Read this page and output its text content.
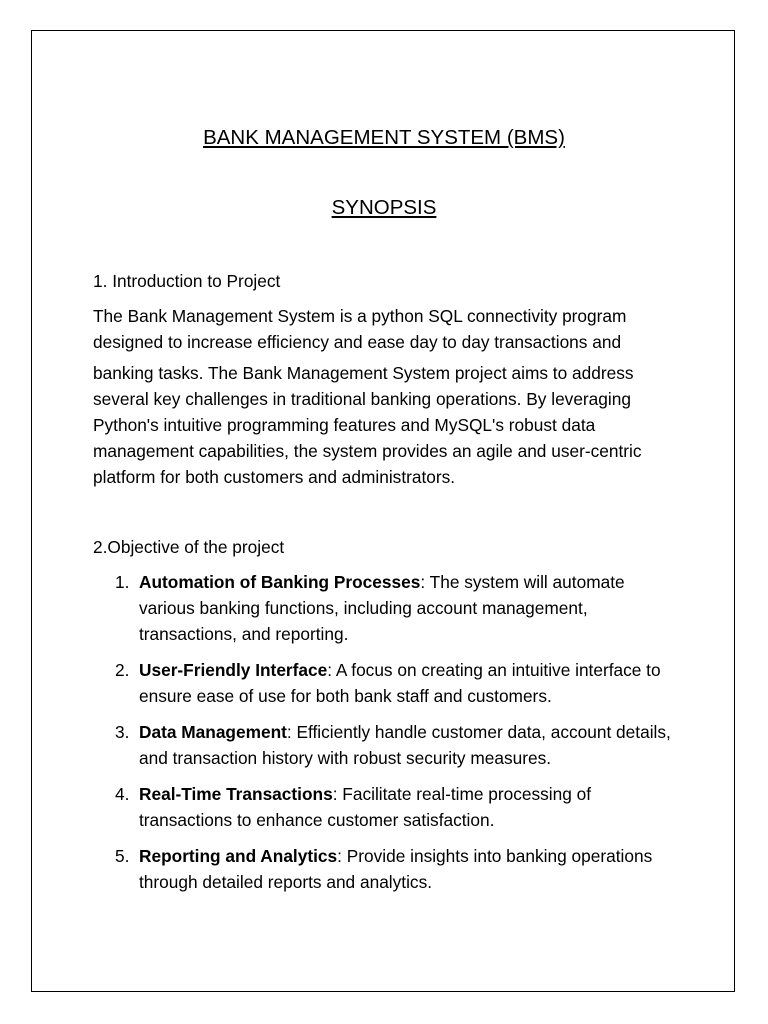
BANK MANAGEMENT SYSTEM (BMS)
SYNOPSIS
1. Introduction to Project

The Bank Management System is a python SQL connectivity program designed to increase efficiency and ease day to day transactions and

banking tasks. The Bank Management System project aims to address several key challenges in traditional banking operations. By leveraging Python's intuitive programming features and MySQL's robust data management capabilities, the system provides an agile and user-centric platform for both customers and administrators.

2.Objective of the project
1. Automation of Banking Processes: The system will automate various banking functions, including account management, transactions, and reporting.
2. User-Friendly Interface: A focus on creating an intuitive interface to ensure ease of use for both bank staff and customers.
3. Data Management: Efficiently handle customer data, account details, and transaction history with robust security measures.
4. Real-Time Transactions: Facilitate real-time processing of transactions to enhance customer satisfaction.
5. Reporting and Analytics: Provide insights into banking operations through detailed reports and analytics.
